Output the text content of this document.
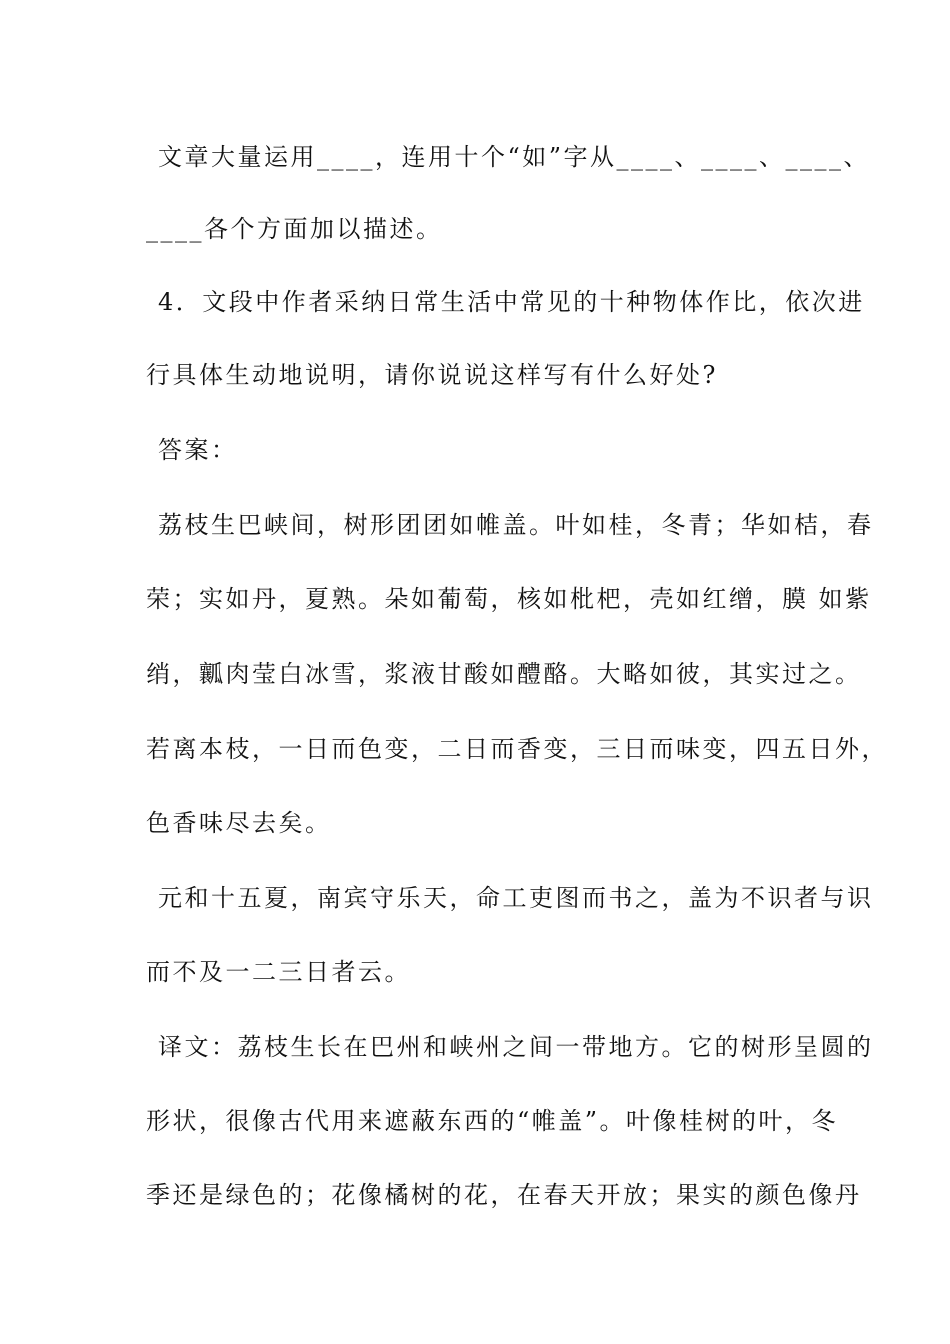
文章大量运用____，连用十个“如”字从____、____、____、

____各个方面加以描述。

4．文段中作者采纳日常生活中常见的十种物体作比，依次进

行具体生动地说明，请你说说这样写有什么好处?

答案：

荔枝生巴峡间，树形团团如帷盖。叶如桂，冬青；华如桔，春

荣；实如丹，夏熟。朵如葡萄，核如枇杷，壳如红缯，膜 如紫

绡，瓤肉莹白冰雪，浆液甘酸如醴酪。大略如彼，其实过之。

若离本枝，一日而色变，二日而香变，三日而味变，四五日外，

色香味尽去矣。

元和十五夏，南宾守乐天，命工吏图而书之，盖为不识者与识

而不及一二三日者云。

译文：荔枝生长在巴州和峡州之间一带地方。它的树形呈圆的

形状，很像古代用来遮蔽东西的“帷盖”。叶像桂树的叶，冬

季还是绿色的；花像橘树的花，在春天开放；果实的颜色像丹
